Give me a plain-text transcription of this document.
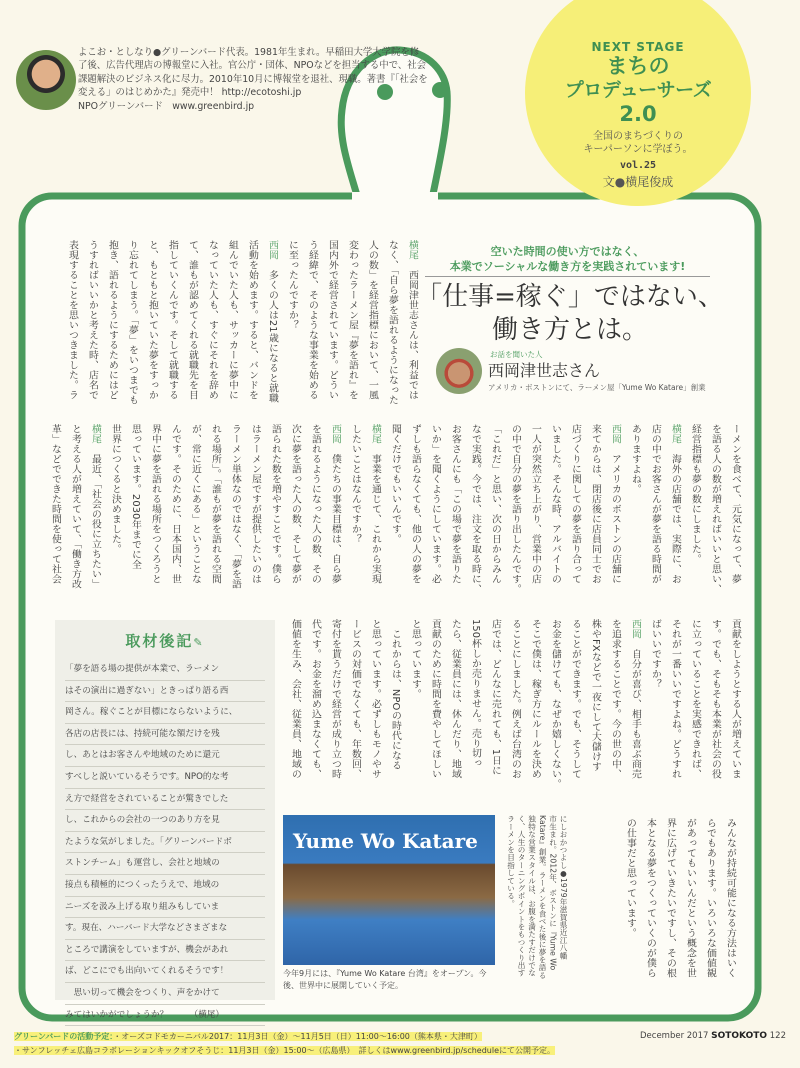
よこお・としなり●グリーンバード代表。1981年生まれ。早稲田大学大学院を修了後、広告代理店の博報堂に入社。官公庁・団体、NPOなどを担当する中で、社会課題解決のビジネス化に尽力。2010年10月に博報堂を退社、現職。著書『「社会を変える」のはじめかた』発売中！ http://ecotoshi.jp
NPOグリーンバード　www.greenbird.jp
NEXT STAGE
まちの
プロデューサーズ
2.0
全国のまちづくりの
キーパーソンに学ぼう。
vol.25
文●横尾俊成
空いた時間の使い方ではなく、
本業でソーシャルな働き方を実践されています!
「仕事=稼ぐ」ではない、
働き方とは。
お話を聞いた人
西岡津世志さん
アメリカ・ボストンにて、ラーメン屋「Yume Wo Katare」創業
横尾　西岡津世志さんは、利益では
なく、「自ら夢を語れるようになった
人の数」を経営指標において、一風
変わったラーメン屋『夢を語れ』を
国内外で経営されています。どうい
う経緯で、そのような事業を始める
に至ったんですか？
西岡　多くの人は21歳になると就職
活動を始めます。すると、バンドを
組んでいた人も、サッカーに夢中に
なっていた人も、すぐにそれを辞め
て、誰もが認めてくれる就職先を目
指していくんです。そして就職する
と、もともと抱いていた夢をすっか
り忘れてしまう。「夢」をいつまでも
抱き、語れるようにするためにはど
うすればいいかと考えた時、店名で
表現することを思いつきました。ラ
ーメンを食べて、元気になって、夢
を語る人の数が増えればいいと思い、
経営指標も夢の数にしました。
横尾　海外の店舗では、実際に、お
店の中でお客さんが夢を語る時間が
ありますよね。
西岡　アメリカのボストンの店舗に
来てからは、閉店後に店員同士でお
店づくりに関しての夢を語り合って
いました。そんな時、アルバイトの
一人が突然立ち上がり、営業中の店
の中で自分の夢を語り出したんです。
「これだ」と思い、次の日からみん
なで実践。今では、注文を取る時に、
お客さんにも「この場で夢を語りた
いか」を聞くようにしています。必
ずしも語らなくても、他の人の夢を
聞くだけでもいいんです。
横尾　事業を通じて、これから実現
したいことはなんですか？
西岡　僕たちの事業目標は、自ら夢
を語れるようになった人の数、その
次に夢を語った人の数、そして夢が
語られた数を増やすことです。僕ら
はラーメン屋ですが提供したいのは
ラーメン単体なのではなく、「夢を語
れる場所」。「誰もが夢を語れる空間
が、常に近くにある」ということな
んです。そのために、日本国内、世
界中に夢を語れる場所をつくろうと
思っています。2030年までに全
世界につくると決めました。
横尾　最近、「社会の役に立ちたい」
と考える人が増えていて、「働き方改
革」などでできた時間を使って社会
貢献をしようとする人が増えていま
す。でも、そもそも本業が社会の役
に立っていることを実感できれば、
それが一番いいですよね。どうすれ
ばいいですか？
西岡　自分が喜び、相手も喜ぶ商売
を追求することです。今の世の中、
株やFXなどで一夜にして大儲けす
ることができます。でも、そうして
お金を儲けても、なぜか嬉しくない。
そこで僕は、稼ぎ方にルールを決め
ることにしました。例えば台湾のお
店では、どんなに売れても、1日に
150杯しか売りません。売り切っ
たら、従業員には、休んだり、地域
貢献のために時間を費やしてほしい
と思っています。
　これからは、NPOの時代になる
と思っています。必ずしもモノやサ
ービスの対価でなくても、年数回、
寄付を貰うだけで経営が成り立つ時
代です。お金を溜め込まなくても、
価値を生み、会社、従業員、地域の
みんなが持続可能になる方法はいく
らでもあります。いろいろな価値観
があってもいいんだという概念を世
界に広げていきたいですし、その根
本となる夢をつくっていくのが僕ら
の仕事だと思っています。
取材後記✎
「夢を語る場の提供が本業で、ラーメン
はその演出に過ぎない」ときっぱり語る西
岡さん。稼ぐことが目標にならないように、
各店の店長には、持続可能な額だけを残
し、あとはお客さんや地域のために還元
すべしと説いているそうです。NPO的な考
え方で経営をされていることが驚きでした
し、これからの会社の一つのあり方を見
たような気がしました。「グリーンバードボ
ストンチーム」も運営し、会社と地域の
接点も積極的につくったうえで、地域の
ニーズを汲み上げる取り組みもしていま
す。現在、ハーバード大学などさまざまな
ところで講演をしていますが、機会があれ
ば、どこにでも出向いてくれるそうです！
　思い切って機会をつくり、声をかけて
みてはいかがでしょうか？　　　（横尾）
Yume Wo Katare
今年9月には、『Yume Wo Katare 台湾』をオープン。今後、世界中に展開していく予定。
にしおかつよし●1979年滋賀県近江八幡
市生まれ。2012年、ボストンに『Yume Wo
Katare』創業。ラーメンを食べた後に夢を語る
独特な営業スタイルは、お腹を満たすだけでな
く、人生のターニングポイントをもつくり出す
ラーメンを目指している。
グリーンバードの活動予定：・オーズコドモカーニバル2017：11月3日（金）〜11月5日（日）11:00〜16:00（熊本県・大津町）
・サンフレッチェ広島コラボレーションキックオフそうじ：11月3日（金）15:00〜（広島県）　詳しくはwww.greenbird.jp/scheduleにて公開予定。
December 2017 SOTOKOTO 122
